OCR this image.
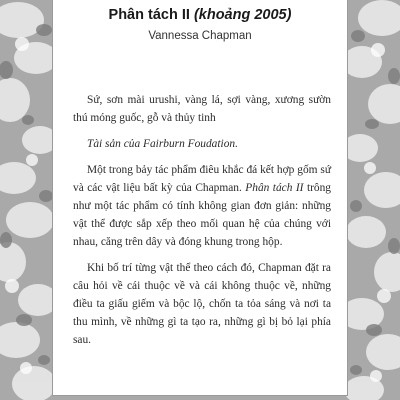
Phân tách II (khoảng 2005)
Vannessa Chapman

Sứ, sơn mài urushi, vàng lá, sợi vàng, xương sườn thú móng guốc, gỗ và thủy tinh

Tài sản của Fairburn Foudation.

Một trong bảy tác phẩm điêu khắc đá kết hợp gốm sứ và các vật liệu bất kỳ của Chapman. Phân tách II trông như một tác phẩm có tính không gian đơn giản: những vật thể được sắp xếp theo mối quan hệ của chúng với nhau, căng trên dây và đóng khung trong hộp.

Khi bố trí từng vật thể theo cách đó, Chapman đặt ra câu hỏi về cái thuộc về và cái không thuộc về, những điều ta giấu giếm và bộc lộ, chốn ta tỏa sáng và nơi ta thu mình, về những gì ta tạo ra, những gì bị bỏ lại phía sau.
